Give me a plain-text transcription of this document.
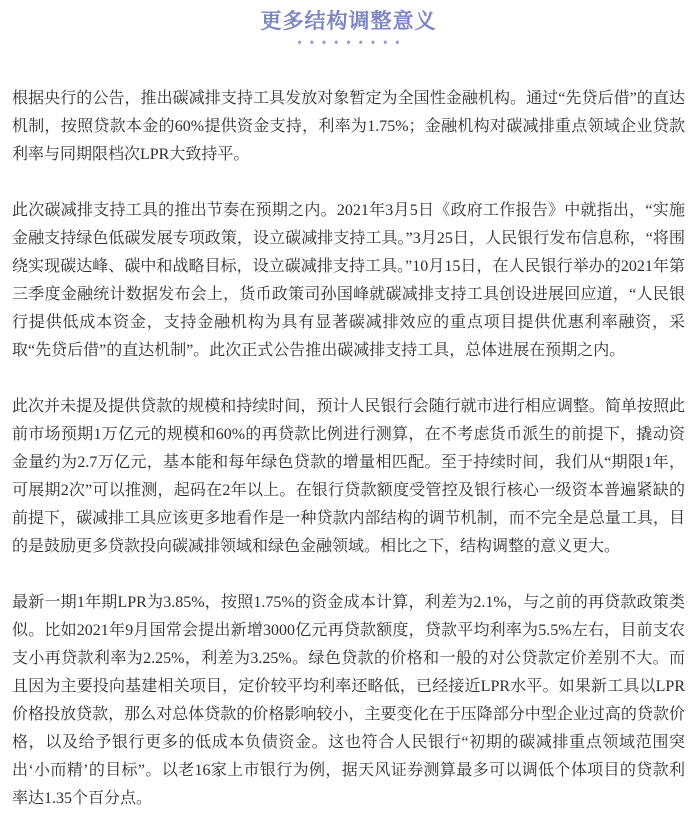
更多结构调整意义
●●●●●●●●●

根据央行的公告，推出碳减排支持工具发放对象暂定为全国性金融机构。通过“先贷后借”的直达机制，按照贷款本金的60%提供资金支持，利率为1.75%；金融机构对碳减排重点领域企业贷款利率与同期限档次LPR大致持平。

此次碳减排支持工具的推出节奏在预期之内。2021年3月5日《政府工作报告》中就指出，“实施金融支持绿色低碳发展专项政策，设立碳减排支持工具。”3月25日，人民银行发布信息称，“将围绕实现碳达峰、碳中和战略目标，设立碳减排支持工具。”10月15日，在人民银行举办的2021年第三季度金融统计数据发布会上，货币政策司孙国峰就碳减排支持工具创设进展回应道，“人民银行提供低成本资金，支持金融机构为具有显著碳减排效应的重点项目提供优惠利率融资，采取“先贷后借”的直达机制”。此次正式公告推出碳减排支持工具，总体进展在预期之内。

此次并未提及提供贷款的规模和持续时间，预计人民银行会随行就市进行相应调整。简单按照此前市场预期1万亿元的规模和60%的再贷款比例进行测算，在不考虑货币派生的前提下，撬动资金量约为2.7万亿元，基本能和每年绿色贷款的增量相匹配。至于持续时间，我们从“期限1年，可展期2次”可以推测，起码在2年以上。在银行贷款额度受管控及银行核心一级资本普遍紧缺的前提下，碳减排工具应该更多地看作是一种贷款内部结构的调节机制，而不完全是总量工具，目的是鼓励更多贷款投向碳减排领域和绿色金融领域。相比之下，结构调整的意义更大。

最新一期1年期LPR为3.85%，按照1.75%的资金成本计算，利差为2.1%，与之前的再贷款政策类似。比如2021年9月国常会提出新增3000亿元再贷款额度，贷款平均利率为5.5%左右，目前支农支小再贷款利率为2.25%，利差为3.25%。绿色贷款的价格和一般的对公贷款定价差别不大。而且因为主要投向基建相关项目，定价较平均利率还略低，已经接近LPR水平。如果新工具以LPR价格投放贷款，那么对总体贷款的价格影响较小，主要变化在于压降部分中型企业过高的贷款价格，以及给予银行更多的低成本负债资金。这也符合人民银行“初期的碳减排重点领域范围突出‘小而精’的目标”。以老16家上市银行为例，据天风证券测算最多可以调低个体项目的贷款利率达1.35个百分点。
